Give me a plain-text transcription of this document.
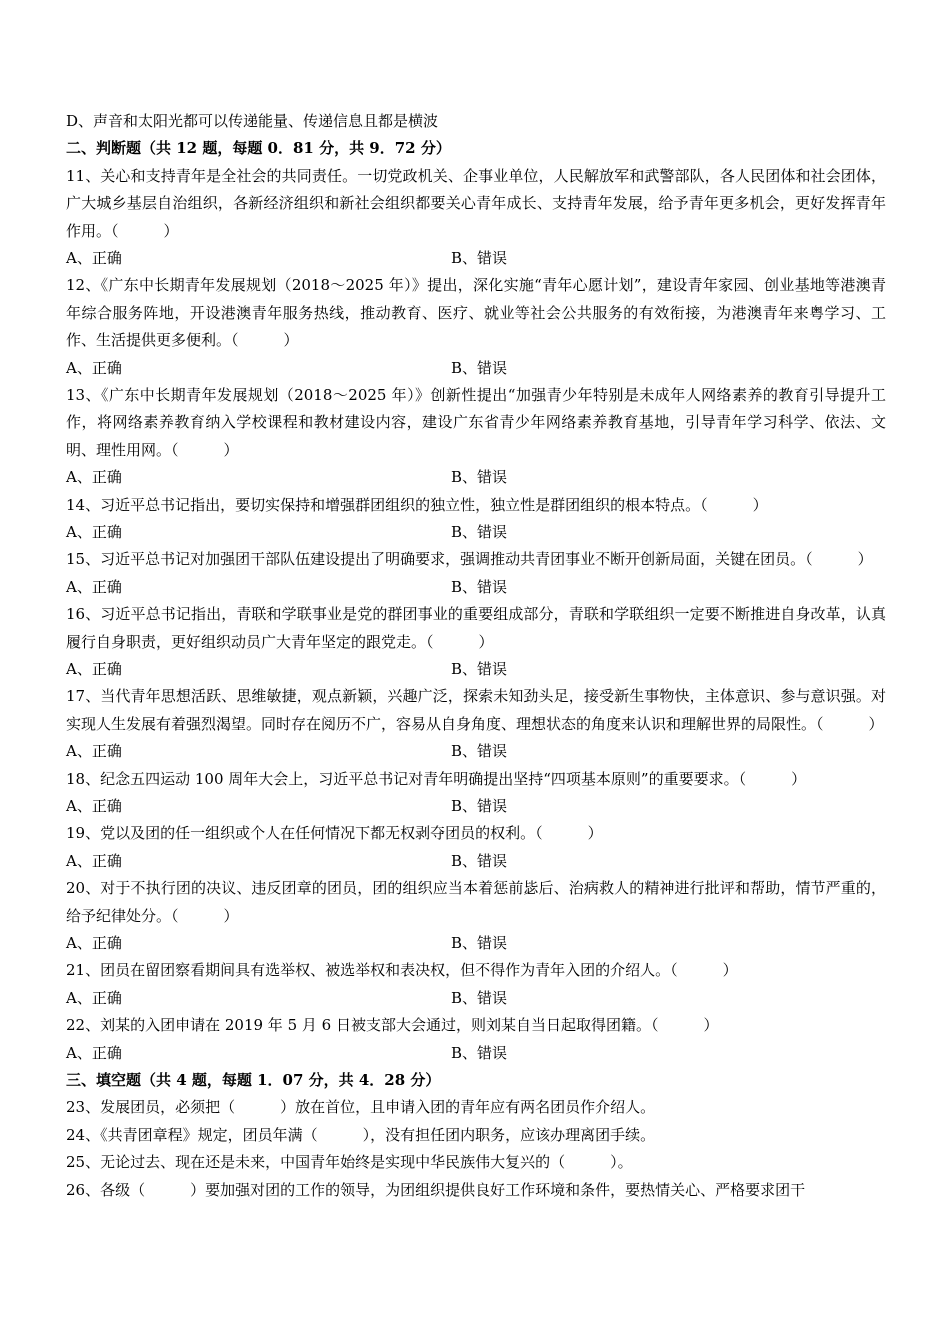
D、声音和太阳光都可以传递能量、传递信息且都是横波
二、判断题（共 12 题，每题 0．81 分，共 9．72 分）
11、关心和支持青年是全社会的共同责任。一切党政机关、企事业单位，人民解放军和武警部队，各人民团体和社会团体，广大城乡基层自治组织，各新经济组织和新社会组织都要关心青年成长、支持青年发展，给予青年更多机会，更好发挥青年作用。（　　　）
A、正确	B、错误
12、《广东中长期青年发展规划（2018～2025 年）》提出，深化实施“青年心愿计划”，建设青年家园、创业基地等港澳青年综合服务阵地，开设港澳青年服务热线，推动教育、医疗、就业等社会公共服务的有效衔接，为港澳青年来粤学习、工作、生活提供更多便利。（　　　）
A、正确	B、错误
13、《广东中长期青年发展规划（2018～2025 年）》创新性提出“加强青少年特别是未成年人网络素养的教育引导提升工作，将网络素养教育纳入学校课程和教材建设内容，建设广东省青少年网络素养教育基地，引导青年学习科学、依法、文明、理性用网。（　　　）
A、正确	B、错误
14、习近平总书记指出，要切实保持和增强群团组织的独立性，独立性是群团组织的根本特点。（　　　）
A、正确	B、错误
15、习近平总书记对加强团干部队伍建设提出了明确要求，强调推动共青团事业不断开创新局面，关键在团员。（　　　）
A、正确	B、错误
16、习近平总书记指出，青联和学联事业是党的群团事业的重要组成部分，青联和学联组织一定要不断推进自身改革，认真履行自身职责，更好组织动员广大青年坚定的跟党走。（　　　）
A、正确	B、错误
17、当代青年思想活跃、思维敏捷，观点新颖，兴趣广泛，探索未知劲头足，接受新生事物快，主体意识、参与意识强。对实现人生发展有着强烈渴望。同时存在阅历不广，容易从自身角度、理想状态的角度来认识和理解世界的局限性。（　　　）
A、正确	B、错误
18、纪念五四运动 100 周年大会上，习近平总书记对青年明确提出坚持“四项基本原则”的重要要求。（　　　）
A、正确	B、错误
19、党以及团的任一组织或个人在任何情况下都无权剥夺团员的权利。（　　　）
A、正确	B、错误
20、对于不执行团的决议、违反团章的团员，团的组织应当本着惩前毖后、治病救人的精神进行批评和帮助，情节严重的，给予纪律处分。（　　　）
A、正确	B、错误
21、团员在留团察看期间具有选举权、被选举权和表决权，但不得作为青年入团的介绍人。（　　　）
A、正确	B、错误
22、刘某的入团申请在 2019 年 5 月 6 日被支部大会通过，则刘某自当日起取得团籍。（　　　）
A、正确	B、错误
三、填空题（共 4 题，每题 1．07 分，共 4．28 分）
23、发展团员，必须把（　　　）放在首位，且申请入团的青年应有两名团员作介绍人。
24、《共青团章程》规定，团员年满（　　　），没有担任团内职务，应该办理离团手续。
25、无论过去、现在还是未来，中国青年始终是实现中华民族伟大复兴的（　　　）。
26、各级（　　　）要加强对团的工作的领导，为团组织提供良好工作环境和条件，要热情关心、严格要求团干
